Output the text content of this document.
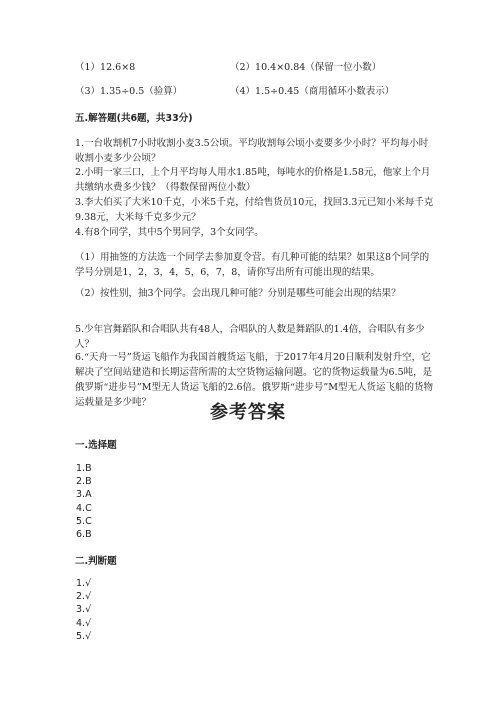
（1）12.6×8	（2）10.4×0.84（保留一位小数）
（3）1.35÷0.5（验算）	（4）1.5÷0.45（商用循环小数表示）
五.解答题(共6题，共33分)
1.一台收割机7小时收割小麦3.5公顷。平均收割每公顷小麦要多少小时？平均每小时收割小麦多少公顷？
2.小明一家三口，上个月平均每人用水1.85吨，每吨水的价格是1.58元，他家上个月共缴纳水费多少钱？（得数保留两位小数）
3.李大伯买了大米10千克，小米5千克，付给售货员10元，找回3.3元已知小米每千克9.38元，大米每千克多少元？
4.有8个同学，其中5个男同学，3个女同学。
（1）用抽签的方法选一个同学去参加夏令营。有几种可能的结果？如果这8个同学的学号分别是1，2，3，4，5，6，7，8，请你写出所有可能出现的结果。
（2）按性别，抽3个同学。会出现几种可能？分别是哪些可能会出现的结果？
5.少年宫舞蹈队和合唱队共有48人，合唱队的人数是舞蹈队的1.4倍，合唱队有多少人？
6.“天舟一号”货运飞船作为我国首艘货运飞船，于2017年4月20日顺利发射升空，它解决了空间站建造和长期运营所需的太空货物运输问题。它的货物运载量为6.5吨，是俄罗斯“进步号”M型无人货运飞船的2.6倍。俄罗斯“进步号”M型无人货运飞船的货物运载量是多少吨？	参考答案
一.选择题
1.B
2.B
3.A
4.C
5.C
6.B
二.判断题
1.√
2.√
3.√
4.√
5.√
